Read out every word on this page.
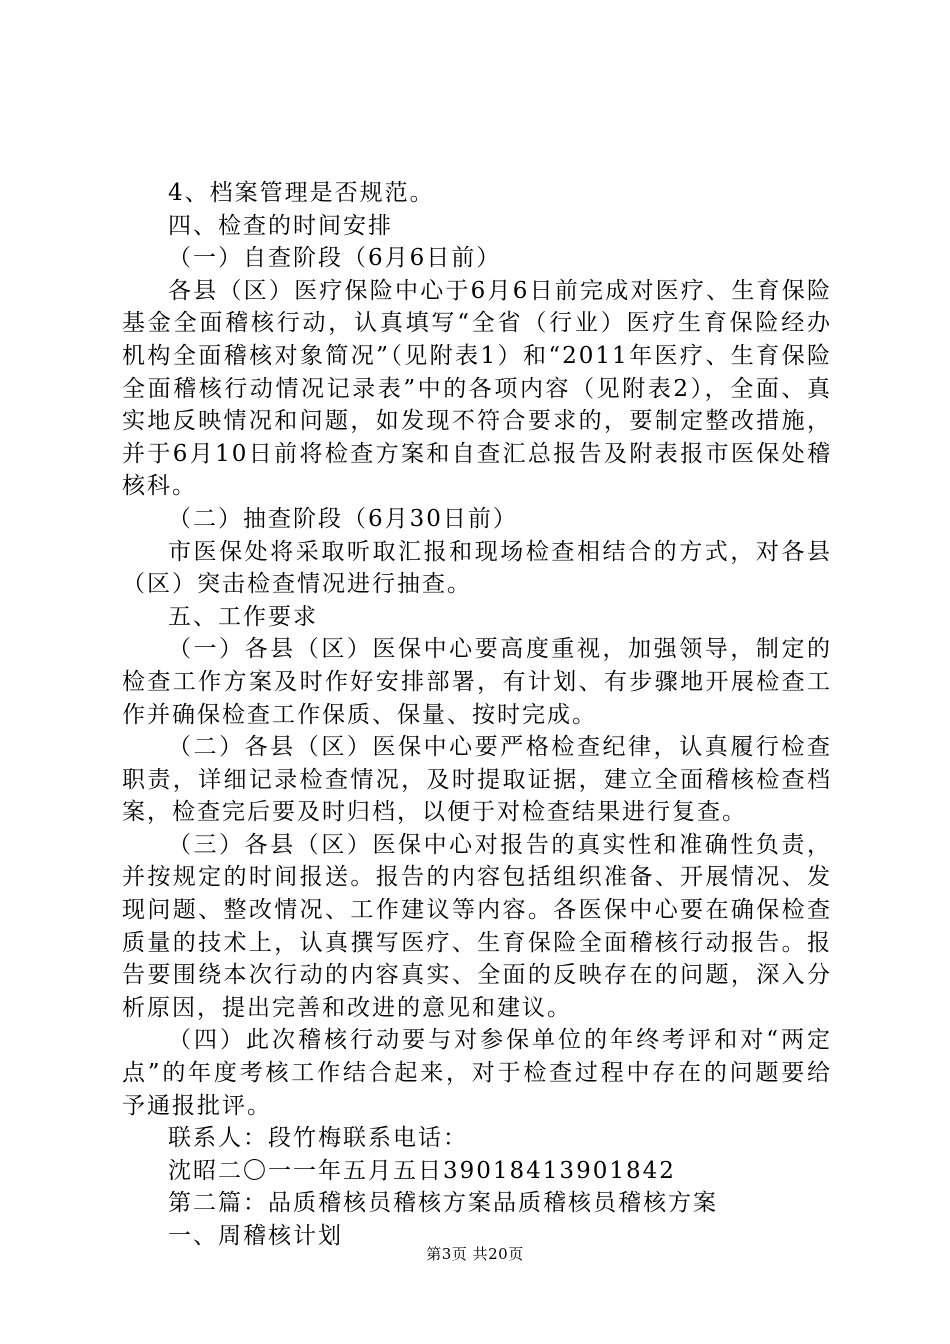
4、档案管理是否规范。

四、检查的时间安排

（一）自查阶段（6月6日前）

各县（区）医疗保险中心于6月6日前完成对医疗、生育保险基金全面稽核行动，认真填写“全省（行业）医疗生育保险经办机构全面稽核对象简况”（见附表1）和“2011年医疗、生育保险全面稽核行动情况记录表”中的各项内容（见附表2），全面、真实地反映情况和问题，如发现不符合要求的，要制定整改措施，并于6月10日前将检查方案和自查汇总报告及附表报市医保处稽核科。

（二）抽查阶段（6月30日前）

市医保处将采取听取汇报和现场检查相结合的方式，对各县（区）突击检查情况进行抽查。

五、工作要求

（一）各县（区）医保中心要高度重视，加强领导，制定的检查工作方案及时作好安排部署，有计划、有步骤地开展检查工作并确保检查工作保质、保量、按时完成。

（二）各县（区）医保中心要严格检查纪律，认真履行检查职责，详细记录检查情况，及时提取证据，建立全面稽核检查档案，检查完后要及时归档，以便于对检查结果进行复查。

（三）各县（区）医保中心对报告的真实性和准确性负责，并按规定的时间报送。报告的内容包括组织准备、开展情况、发现问题、整改情况、工作建议等内容。各医保中心要在确保检查质量的技术上，认真撰写医疗、生育保险全面稽核行动报告。报告要围绕本次行动的内容真实、全面的反映存在的问题，深入分析原因，提出完善和改进的意见和建议。

（四）此次稽核行动要与对参保单位的年终考评和对“两定点”的年度考核工作结合起来，对于检查过程中存在的问题要给予通报批评。

联系人：段竹梅联系电话：

沈昭二〇一一年五月五日39018413901842

第二篇：品质稽核员稽核方案品质稽核员稽核方案

一、周稽核计划

第3页 共20页
